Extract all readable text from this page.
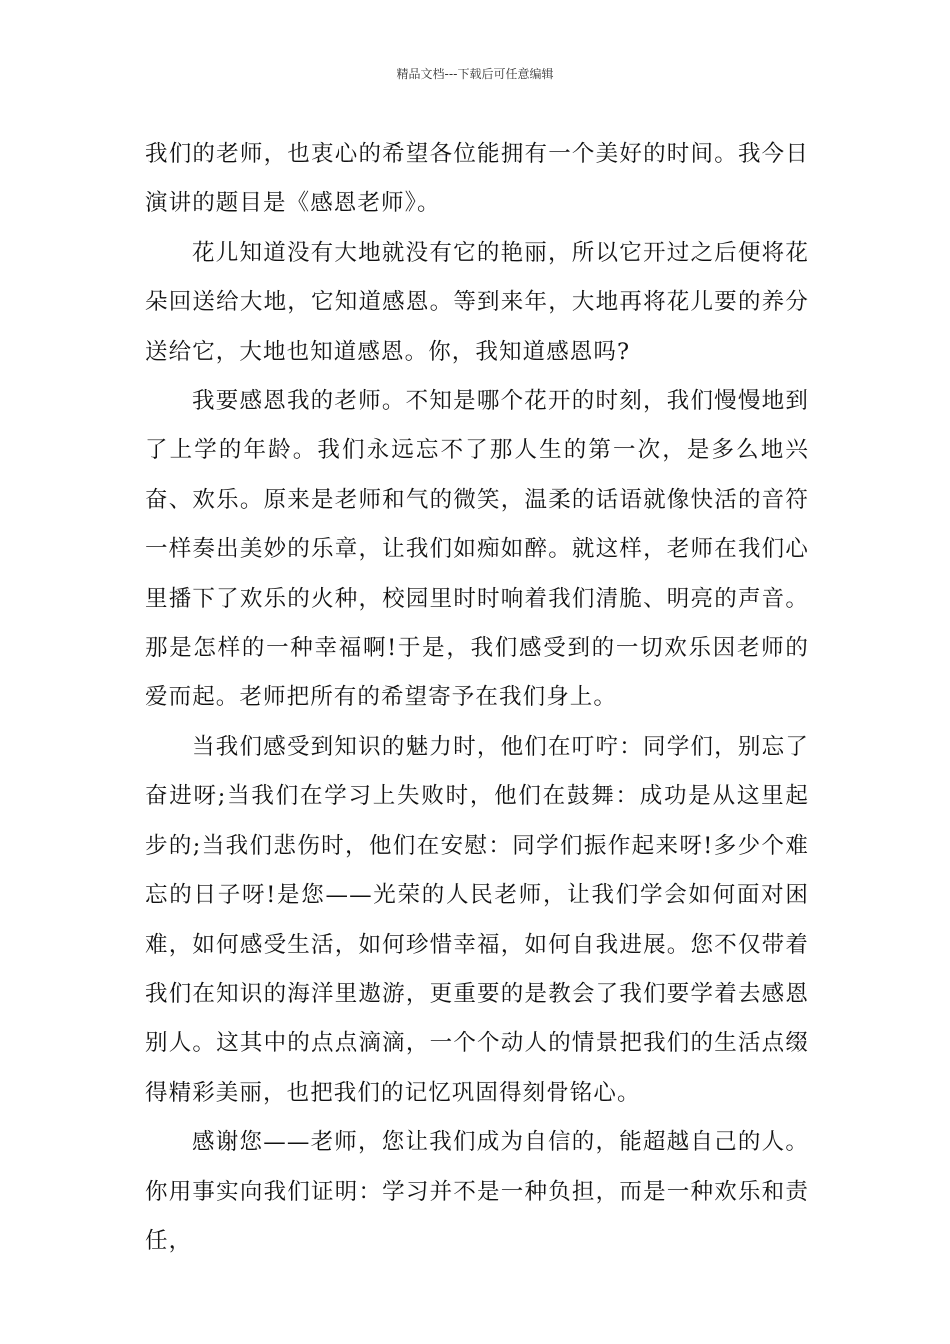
精品文档---下载后可任意编辑

我们的老师，也衷心的希望各位能拥有一个美好的时间。我今日演讲的题目是《感恩老师》。

花儿知道没有大地就没有它的艳丽，所以它开过之后便将花朵回送给大地，它知道感恩。等到来年，大地再将花儿要的养分送给它，大地也知道感恩。你，我知道感恩吗?

我要感恩我的老师。不知是哪个花开的时刻，我们慢慢地到了上学的年龄。我们永远忘不了那人生的第一次，是多么地兴奋、欢乐。原来是老师和气的微笑，温柔的话语就像快活的音符一样奏出美妙的乐章，让我们如痴如醉。就这样，老师在我们心里播下了欢乐的火种，校园里时时响着我们清脆、明亮的声音。那是怎样的一种幸福啊!于是，我们感受到的一切欢乐因老师的爱而起。老师把所有的希望寄予在我们身上。

当我们感受到知识的魅力时，他们在叮咛：同学们，别忘了奋进呀;当我们在学习上失败时，他们在鼓舞：成功是从这里起步的;当我们悲伤时，他们在安慰：同学们振作起来呀!多少个难忘的日子呀!是您——光荣的人民老师，让我们学会如何面对困难，如何感受生活，如何珍惜幸福，如何自我进展。您不仅带着我们在知识的海洋里遨游，更重要的是教会了我们要学着去感恩别人。这其中的点点滴滴，一个个动人的情景把我们的生活点缀得精彩美丽，也把我们的记忆巩固得刻骨铭心。

感谢您——老师，您让我们成为自信的，能超越自己的人。你用事实向我们证明：学习并不是一种负担，而是一种欢乐和责任，
